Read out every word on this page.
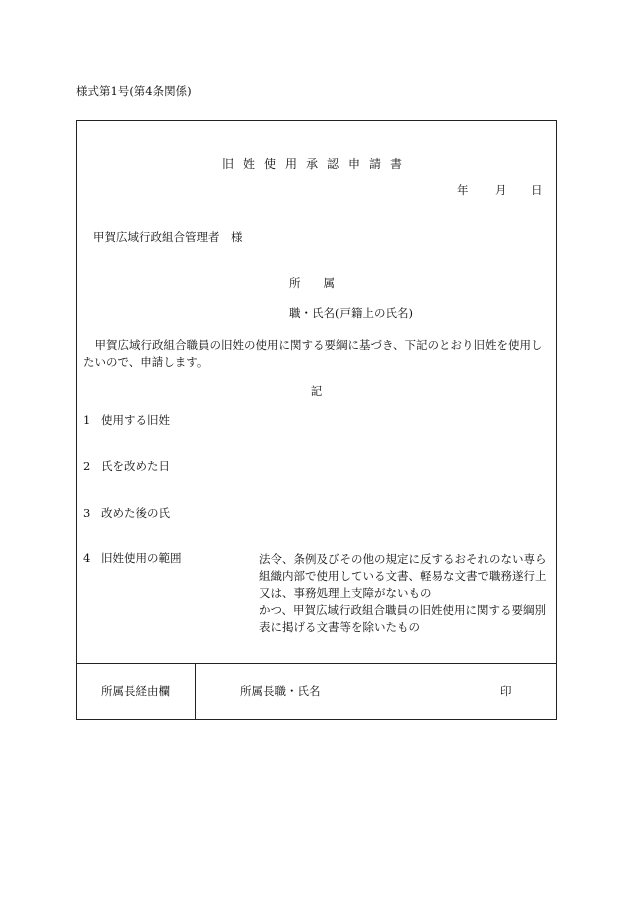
様式第1号(第4条関係)
旧姓使用承認申請書
年 月 日
甲賀広域行政組合管理者　様
所　　属
職・氏名(戸籍上の氏名)
　甲賀広域行政組合職員の旧姓の使用に関する要綱に基づき、下記のとおり旧姓を使用したいので、申請します。
記
1 使用する旧姓
2 氏を改めた日
3 改めた後の氏
4 旧姓使用の範囲	法令、条例及びその他の規定に反するおそれのない専ら組織内部で使用している文書、軽易な文書で職務遂行上又は、事務処理上支障がないもの

かつ、甲賀広域行政組合職員の旧姓使用に関する要綱別表に掲げる文書等を除いたもの

所属長経由欄	所属長職・氏名	印
